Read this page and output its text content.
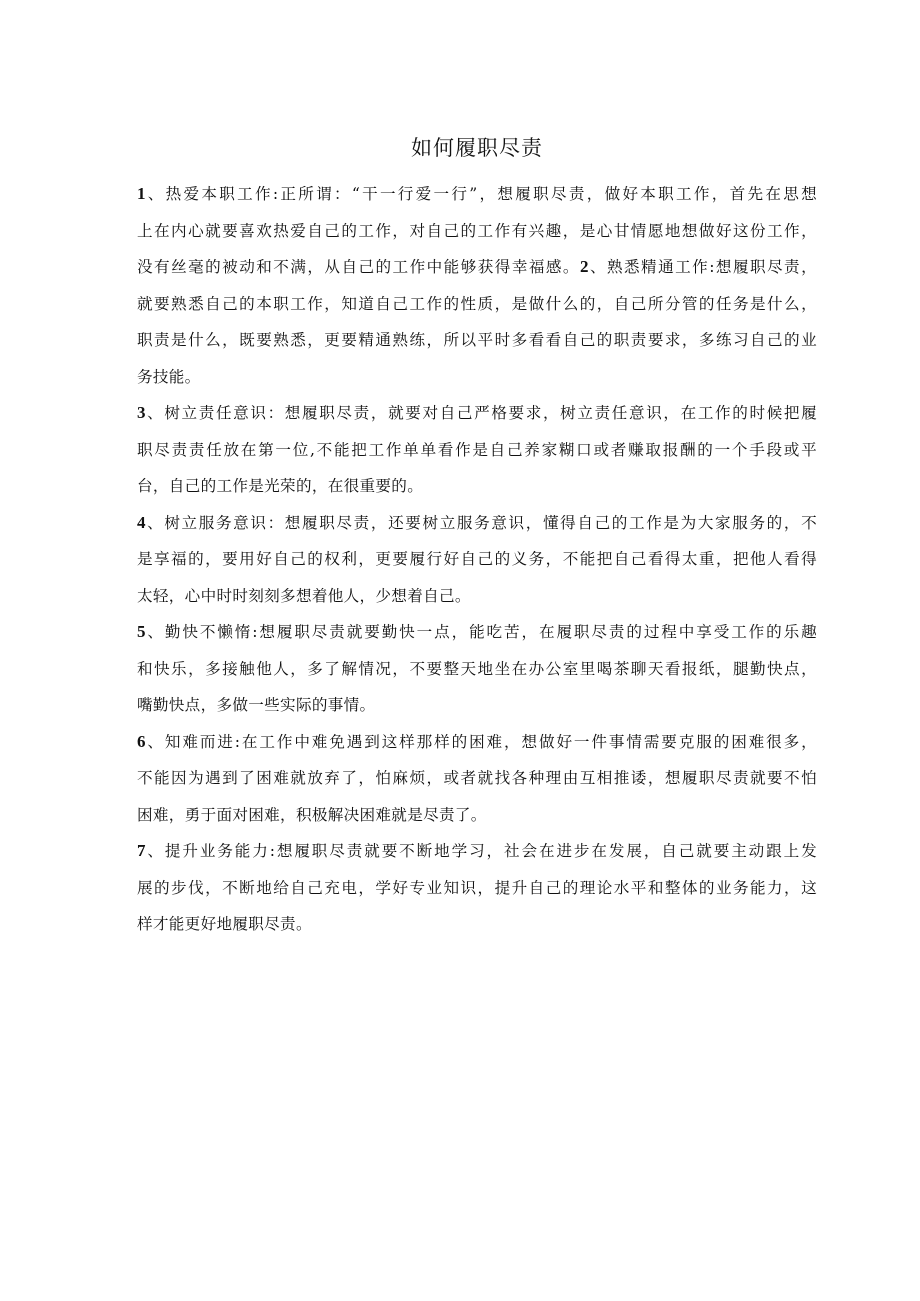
如何履职尽责
1、热爱本职工作:正所谓：“干一行爱一行”，想履职尽责，做好本职工作，首先在思想
上在内心就要喜欢热爱自己的工作，对自己的工作有兴趣，是心甘情愿地想做好这份工作，
没有丝毫的被动和不满，从自己的工作中能够获得幸福感。2、熟悉精通工作:想履职尽责，
就要熟悉自己的本职工作，知道自己工作的性质，是做什么的，自己所分管的任务是什么，
职责是什么，既要熟悉，更要精通熟练，所以平时多看看自己的职责要求，多练习自己的业
务技能。
3、树立责任意识：想履职尽责，就要对自己严格要求，树立责任意识，在工作的时候把履
职尽责责任放在第一位,不能把工作单单看作是自己养家糊口或者赚取报酬的一个手段或平
台，自己的工作是光荣的，在很重要的。
4、树立服务意识：想履职尽责，还要树立服务意识，懂得自己的工作是为大家服务的，不
是享福的，要用好自己的权利，更要履行好自己的义务，不能把自己看得太重，把他人看得
太轻，心中时时刻刻多想着他人，少想着自己。
5、勤快不懒惰:想履职尽责就要勤快一点，能吃苦，在履职尽责的过程中享受工作的乐趣
和快乐，多接触他人，多了解情况，不要整天地坐在办公室里喝茶聊天看报纸，腿勤快点，
嘴勤快点，多做一些实际的事情。
6、知难而进:在工作中难免遇到这样那样的困难，想做好一件事情需要克服的困难很多，
不能因为遇到了困难就放弃了，怕麻烦，或者就找各种理由互相推诿，想履职尽责就要不怕
困难，勇于面对困难，积极解决困难就是尽责了。
7、提升业务能力:想履职尽责就要不断地学习，社会在进步在发展，自己就要主动跟上发
展的步伐，不断地给自己充电，学好专业知识，提升自己的理论水平和整体的业务能力，这
样才能更好地履职尽责。
